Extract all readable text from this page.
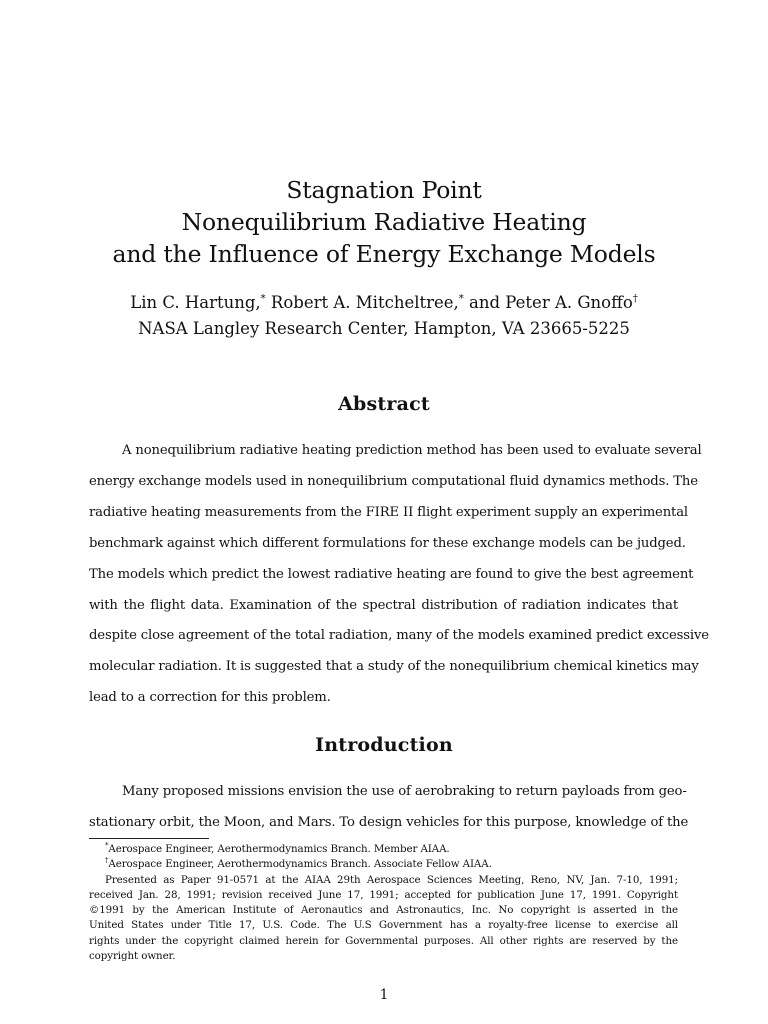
Stagnation Point
Nonequilibrium Radiative Heating
and the Influence of Energy Exchange Models
Lin C. Hartung,* Robert A. Mitcheltree,* and Peter A. Gnoffo†
NASA Langley Research Center, Hampton, VA 23665-5225
Abstract
A nonequilibrium radiative heating prediction method has been used to evaluate several
energy exchange models used in nonequilibrium computational fluid dynamics methods. The
radiative heating measurements from the FIRE II flight experiment supply an experimental
benchmark against which different formulations for these exchange models can be judged.
The models which predict the lowest radiative heating are found to give the best agreement
with the flight data. Examination of the spectral distribution of radiation indicates that
despite close agreement of the total radiation, many of the models examined predict excessive
molecular radiation. It is suggested that a study of the nonequilibrium chemical kinetics may
lead to a correction for this problem.
Introduction
Many proposed missions envision the use of aerobraking to return payloads from geo-
stationary orbit, the Moon, and Mars. To design vehicles for this purpose, knowledge of the
*Aerospace Engineer, Aerothermodynamics Branch. Member AIAA.
†Aerospace Engineer, Aerothermodynamics Branch. Associate Fellow AIAA.
Presented as Paper 91-0571 at the AIAA 29th Aerospace Sciences Meeting, Reno, NV, Jan. 7-10, 1991;
received Jan. 28, 1991; revision received June 17, 1991; accepted for publication June 17, 1991. Copyright
©1991 by the American Institute of Aeronautics and Astronautics, Inc. No copyright is asserted in the
United States under Title 17, U.S. Code. The U.S Government has a royalty-free license to exercise all
rights under the copyright claimed herein for Governmental purposes. All other rights are reserved by the
copyright owner.
1
